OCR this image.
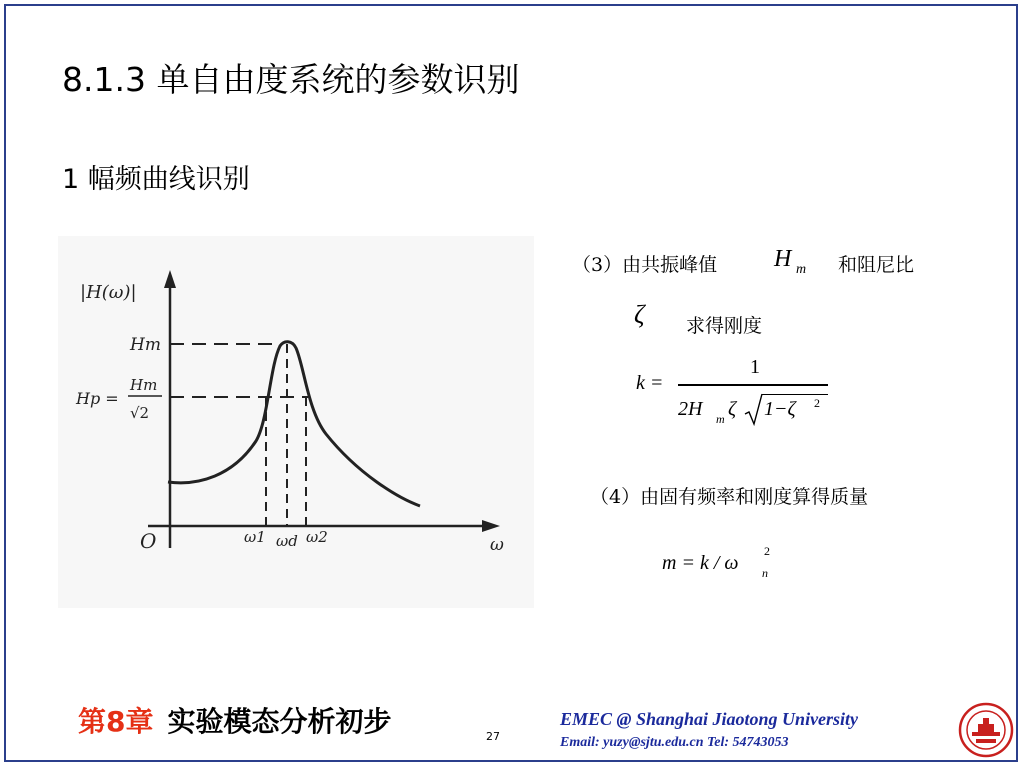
8.1.3 单自由度系统的参数识别
1 幅频曲线识别
|H(ω)|
Hm
Hp =
Hm
√2
O	ω1 ωd ω2	ω
（3）由共振峰值 H m 和阻尼比
ζ 求得刚度
k =
1
2H m ζ 1−ζ 2
（4）由固有频率和刚度算得质量
m = k / ω
2
n
第8章 实验模态分析初步	27
EMEC @ Shanghai Jiaotong University
Email: yuzy@sjtu.edu.cn Tel: 54743053
